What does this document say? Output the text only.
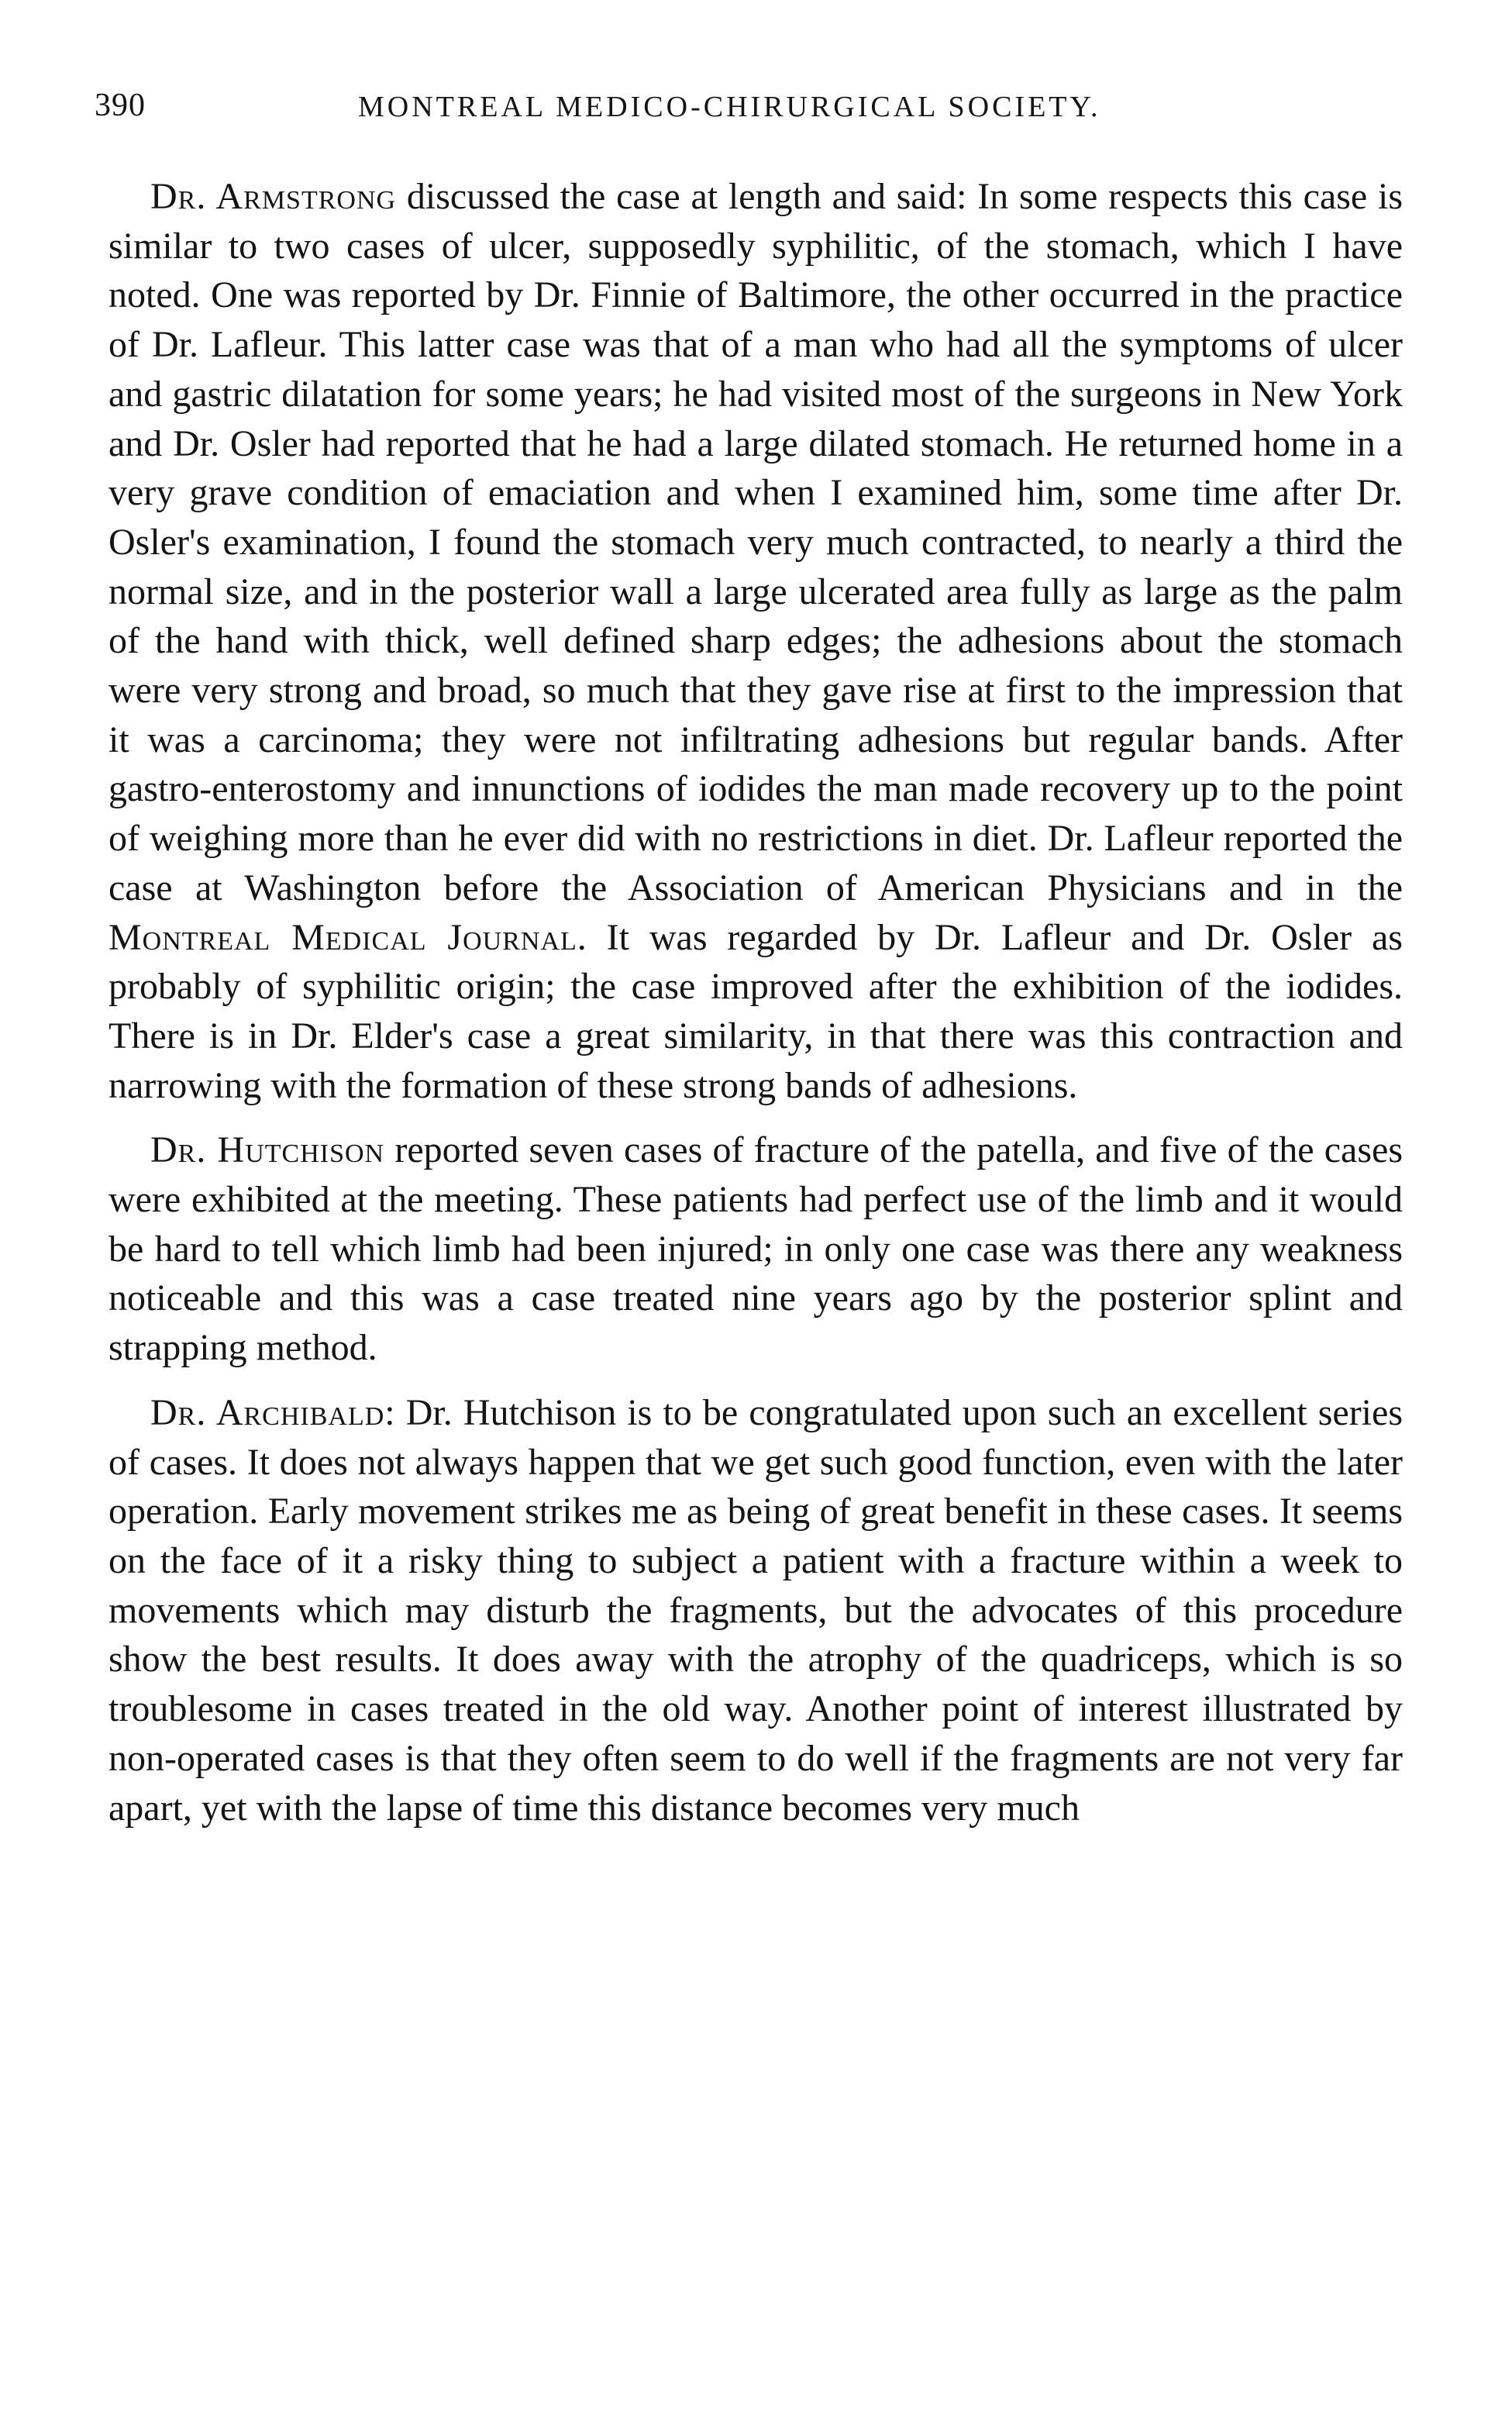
390	MONTREAL MEDICO-CHIRURGICAL SOCIETY.

Dr. Armstrong discussed the case at length and said: In some respects this case is similar to two cases of ulcer, supposedly syphilitic, of the stomach, which I have noted. One was reported by Dr. Finnie of Baltimore, the other occurred in the practice of Dr. Lafleur. This latter case was that of a man who had all the symptoms of ulcer and gastric dilatation for some years; he had visited most of the surgeons in New York and Dr. Osler had reported that he had a large dilated stomach. He returned home in a very grave condition of emaciation and when I examined him, some time after Dr. Osler's examination, I found the stomach very much contracted, to nearly a third the normal size, and in the posterior wall a large ulcerated area fully as large as the palm of the hand with thick, well defined sharp edges; the adhesions about the stomach were very strong and broad, so much that they gave rise at first to the impression that it was a carcinoma; they were not infiltrating adhesions but regular bands. After gastro-enterostomy and innunctions of iodides the man made recovery up to the point of weighing more than he ever did with no restrictions in diet. Dr. Lafleur reported the case at Washington before the Association of American Physicians and in the Montreal Medical Journal. It was regarded by Dr. Lafleur and Dr. Osler as probably of syphilitic origin; the case improved after the exhibition of the iodides. There is in Dr. Elder's case a great similarity, in that there was this contraction and narrowing with the formation of these strong bands of adhesions.

Dr. Hutchison reported seven cases of fracture of the patella, and five of the cases were exhibited at the meeting. These patients had perfect use of the limb and it would be hard to tell which limb had been injured; in only one case was there any weakness noticeable and this was a case treated nine years ago by the posterior splint and strapping method.

Dr. Archibald: Dr. Hutchison is to be congratulated upon such an excellent series of cases. It does not always happen that we get such good function, even with the later operation. Early movement strikes me as being of great benefit in these cases. It seems on the face of it a risky thing to subject a patient with a fracture within a week to movements which may disturb the fragments, but the advocates of this procedure show the best results. It does away with the atrophy of the quadriceps, which is so troublesome in cases treated in the old way. Another point of interest illustrated by non-operated cases is that they often seem to do well if the fragments are not very far apart, yet with the lapse of time this distance becomes very much
